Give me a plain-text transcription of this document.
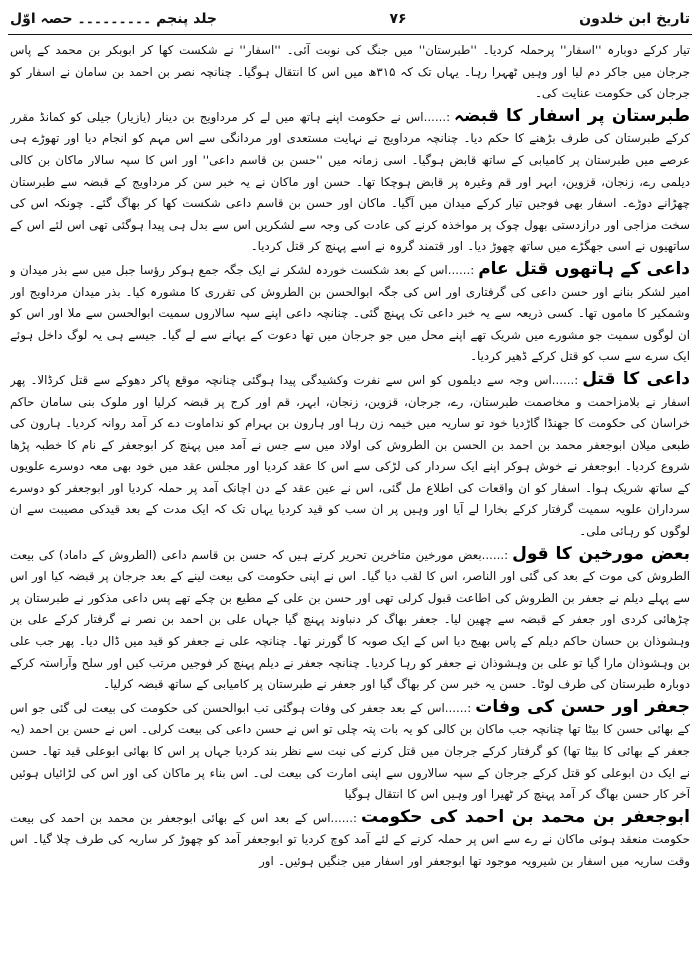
تاریخ ابن خلدون
۷۶
جلد پنجم ۔۔۔۔۔۔۔۔۔ حصہ اوّل

تیار کرکے دوبارہ ''اسفار'' پرحملہ کردیا۔ ''طبرستان'' میں جنگ کی نوبت آئی۔ ''اسفار'' نے شکست کھا کر ابوبکر بن محمد کے پاس جرجان میں جاکر دم لیا اور وہیں ٹھہرا رہا۔ یہاں تک کہ ۳۱۵ھ میں اس کا انتقال ہوگیا۔ چنانچہ نصر بن احمد بن سامان نے اسفار کو جرجان کی حکومت عنایت کی۔

طبرستان پر اسفار کا قبضہ:......اس نے حکومت اپنے ہاتھ میں لے کر مرداویج بن دینار (یازیار) جیلی کو کمانڈ مقرر کرکے طبرستان کی طرف بڑھنے کا حکم دیا۔ چنانچہ مرداویج نے نہایت مستعدی اور مردانگی سے اس مہم کو انجام دیا اور تھوڑے ہی عرصے میں طبرستان پر کامیابی کے ساتھ قابض ہوگیا۔ اسی زمانہ میں ''حسن بن قاسم داعی'' اور اس کا سپہ سالار ماکان بن کالی دیلمی رے، زنجان، قزوین، ابہر اور قم وغیرہ پر قابض ہوچکا تھا۔ حسن اور ماکان نے یہ خبر سن کر مرداویج کے قبضہ سے طبرستان چھڑانے دوڑے۔ اسفار بھی فوجیں تیار کرکے میدان میں آگیا۔ ماکان اور حسن بن قاسم داعی شکست کھا کر بھاگ گئے۔ چونکہ اس کی سخت مزاجی اور درازدستی بھول چوک پر مواخذہ کرنے کی عادت کی وجہ سے لشکریں اس سے بدل ہی پیدا ہوگئی تھی اس لئے اس کے ساتھیوں نے اسی جھگڑے میں ساتھ چھوڑ دیا۔ اور قتمند گروہ نے اسے پہنچ کر قتل کردیا۔

داعی کے ہاتھوں قتل عام:......اس کے بعد شکست خوردہ لشکر نے ایک جگہ جمع ہوکر رؤسا جبل میں سے بذر میدان و امیر لشکر بنانے اور حسن داعی کی گرفتاری اور اس کی جگہ ابوالحسن بن الطروش کی تقرری کا مشورہ کیا۔ بذر میدان مرداویج اور وشمکیر کا ماموں تھا۔ کسی ذریعہ سے یہ خبر داعی تک پہنچ گئی۔ چنانچہ داعی اپنے سپہ سالاروں سمیت ابوالحسن سے ملا اور اس کو ان لوگوں سمیت جو مشورے میں شریک تھے اپنے محل میں جو جرجان میں تھا دعوت کے بہانے سے لے گیا۔ جیسے ہی یہ لوگ داخل ہوئے ایک سرے سے سب کو قتل کرکے ڈھیر کردیا۔

داعی کا قتل:......اس وجہ سے دیلموں کو اس سے نفرت وکشیدگی پیدا ہوگئی چنانچہ موقع پاکر دھوکے سے قتل کرڈالا۔ پھر اسفار نے بلامزاحمت و مخاصمت طبرستان، رے، جرجان، قزوین، زنجان، ابہر، قم اور کرج پر قبضہ کرلیا اور ملوک بنی سامان حاکم خراسان کی حکومت کا جھنڈا گاڑدیا خود تو ساریہ میں خیمہ زن رہا اور ہارون بن بہرام کو نداماوت دے کر آمد روانہ کردیا۔ ہارون کی طبعی میلان ابوجعفر محمد بن احمد بن الحسن بن الطروش کی اولاد میں سے جس نے آمد میں پہنچ کر ابوجعفر کے نام کا خطبہ پڑھا شروع کردیا۔ ابوجعفر نے خوش ہوکر اپنے ایک سردار کی لڑکی سے اس کا عقد کردیا اور مجلس عقد میں خود بھی معہ دوسرے علویوں کے ساتھ شریک ہوا۔ اسفار کو ان واقعات کی اطلاع مل گئی، اس نے عین عقد کے دن اچانک آمد پر حملہ کردیا اور ابوجعفر کو دوسرے سرداران علویہ سمیت گرفتار کرکے بخارا لے آیا اور وہیں پر ان سب کو قید کردیا یہاں تک کہ ایک مدت کے بعد قیدکی مصیبت سے ان لوگوں کو رہائی ملی۔

بعض مورخین کا قول:......بعض مورخین متاخرین تحریر کرتے ہیں کہ حسن بن قاسم داعی (الطروش کے داماد) کی بیعت الطروش کی موت کے بعد کی گئی اور الناصر، اس کا لقب دیا گیا۔ اس نے اپنی حکومت کی بیعت لینے کے بعد جرجان پر قبضہ کیا اور اس سے پہلے دیلم نے جعفر بن الطروش کی اطاعت قبول کرلی تھی اور حسن بن علی کے مطیع بن چکے تھے پس داعی مذکور نے طبرستان پر چڑھائی کردی اور جعفر کے قبضہ سے چھین لیا۔ جعفر بھاگ کر دنباوند پہنچ گیا جہاں علی بن احمد بن نصر نے گرفتار کرکے علی بن وہشوذان بن حسان حاکم دیلم کے پاس بھیج دیا اس کے ایک صوبہ کا گورنر تھا۔ چنانچہ علی نے جعفر کو قید میں ڈال دیا۔ پھر جب علی بن وہشوذان مارا گیا تو علی بن وہشوذان نے جعفر کو رہا کردیا۔ چنانچہ جعفر نے دیلم پہنچ کر فوجیں مرتب کیں اور سلح وآراستہ کرکے دوبارہ طبرستان کی طرف لوٹا۔ حسن یہ خبر سن کر بھاگ گیا اور جعفر نے طبرستان پر کامیابی کے ساتھ قبضہ کرلیا۔

جعفر اور حسن کی وفات:......اس کے بعد جعفر کی وفات ہوگئی تب ابوالحسن کی حکومت کی بیعت لی گئی جو اس کے بھائی حسن کا بیٹا تھا چنانچہ جب ماکان بن کالی کو یہ بات پتہ چلی تو اس نے حسن داعی کی بیعت کرلی۔ اس نے حسن بن احمد (یہ جعفر کے بھائی کا بیٹا تھا) کو گرفتار کرکے جرجان میں قتل کرنے کی نیت سے نظر بند کردیا جہاں پر اس کا بھائی ابوعلی قید تھا۔ حسن نے ایک دن ابوعلی کو قتل کرکے جرجان کے سپہ سالاروں سے اپنی امارت کی بیعت لی۔ اس بناء پر ماکان کی اور اس کی لڑائیاں ہوئیں آخر کار حسن بھاگ کر آمد پہنچ کر ٹھیرا اور وہیں اس کا انتقال ہوگیا

ابوجعفر بن محمد بن احمد کی حکومت:......اس کے بعد اس کے بھائی ابوجعفر بن محمد بن احمد کی بیعت حکومت منعقد ہوئی ماکان نے رے سے اس پر حملہ کرنے کے لئے آمد کوچ کردیا تو ابوجعفر آمد کو چھوڑ کر ساریہ کی طرف چلا گیا۔ اس وقت ساریہ میں اسفار بن شیرویہ موجود تھا ابوجعفر اور اسفار میں جنگیں ہوئیں۔ اور
